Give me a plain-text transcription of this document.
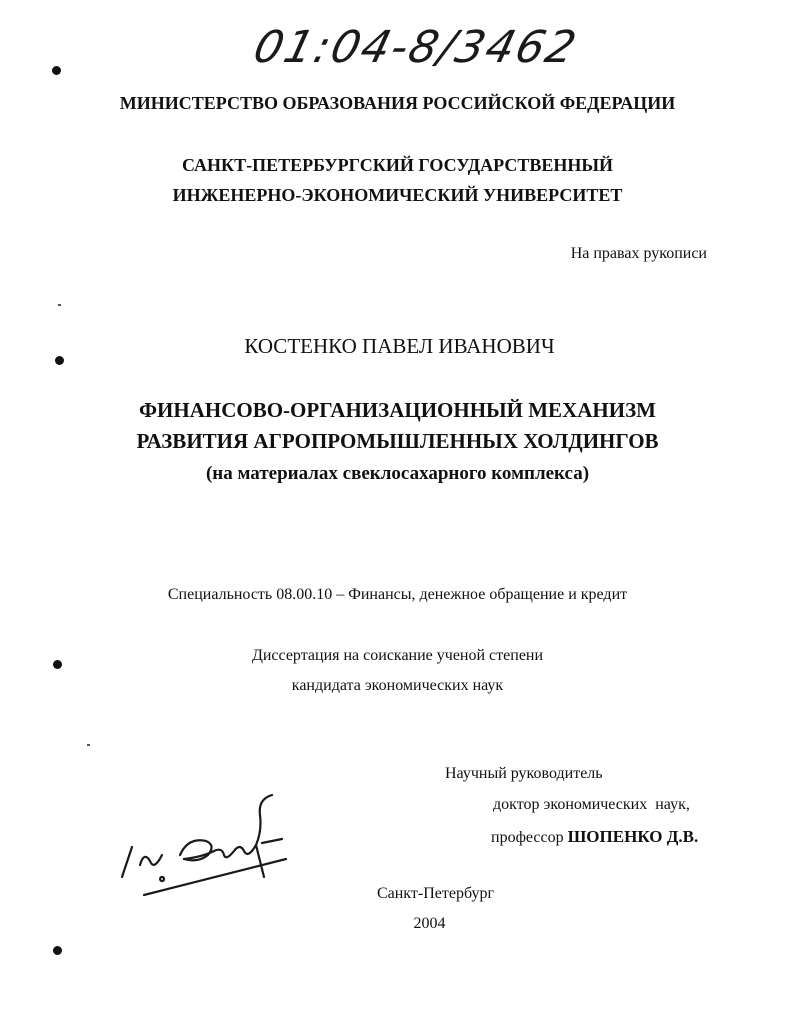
01:04-8/3462
МИНИСТЕРСТВО ОБРАЗОВАНИЯ РОССИЙСКОЙ ФЕДЕРАЦИИ
САНКТ-ПЕТЕРБУРГСКИЙ ГОСУДАРСТВЕННЫЙ
ИНЖЕНЕРНО-ЭКОНОМИЧЕСКИЙ УНИВЕРСИТЕТ
На правах рукописи
КОСТЕНКО ПАВЕЛ ИВАНОВИЧ
ФИНАНСОВО-ОРГАНИЗАЦИОННЫЙ МЕХАНИЗМ
РАЗВИТИЯ АГРОПРОМЫШЛЕННЫХ ХОЛДИНГОВ
(на материалах свеклосахарного комплекса)
Специальность 08.00.10 – Финансы, денежное обращение и кредит
Диссертация на соискание ученой степени
кандидата экономических наук
Научный руководитель
доктор экономических  наук,
профессор ШОПЕНКО Д.В.
Санкт-Петербург
2004
